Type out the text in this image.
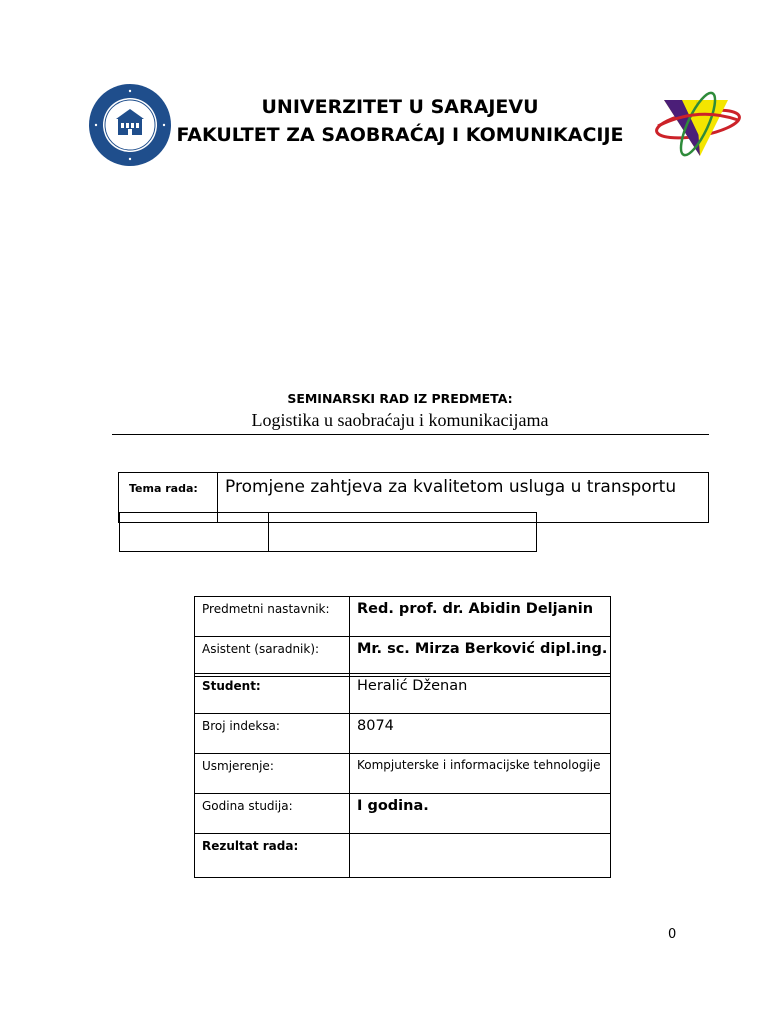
UNIVERZITET U SARAJEVU
FAKULTET ZA SAOBRAĆAJ I KOMUNIKACIJE
SEMINARSKI RAD IZ PREDMETA:
Logistika u saobraćaju i komunikacijama
Tema rada:	Promjene zahtjeva za kvalitetom usluga u transportu

Predmetni nastavnik:	Red. prof. dr. Abidin Deljanin
Asistent (saradnik):	Mr. sc. Mirza Berković dipl.ing.
Student:	Heralić Dženan
Broj indeksa:	8074
Usmjerenje:	Kompjuterske i informacijske tehnologije
Godina studija:	I godina.
Rezultat rada:	
0
